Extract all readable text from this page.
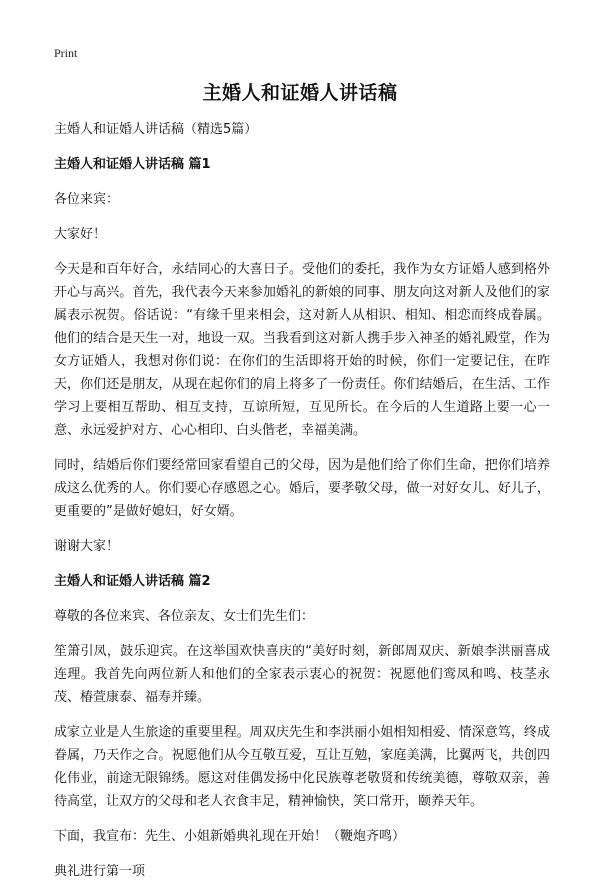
Print
主婚人和证婚人讲话稿

主婚人和证婚人讲话稿（精选5篇）

主婚人和证婚人讲话稿 篇1

各位来宾：

大家好！

今天是和百年好合，永结同心的大喜日子。受他们的委托，我作为女方证婚人感到格外开心与高兴。首先，我代表今天来参加婚礼的新娘的同事、朋友向这对新人及他们的家属表示祝贺。俗话说：“有缘千里来相会，这对新人从相识、相知、相恋而终成眷属。他们的结合是天生一对，地设一双。当我看到这对新人携手步入神圣的婚礼殿堂，作为女方证婚人，我想对你们说：在你们的生活即将开始的时候，你们一定要记住，在昨天，你们还是朋友，从现在起你们的肩上将多了一份责任。你们结婚后，在生活、工作学习上要相互帮助、相互支持，互谅所短，互见所长。在今后的人生道路上要一心一意、永远爱护对方、心心相印、白头偕老，幸福美满。

同时，结婚后你们要经常回家看望自己的父母，因为是他们给了你们生命，把你们培养成这么优秀的人。你们要心存感恩之心。婚后，要孝敬父母，做一对好女儿、好儿子，更重要的”是做好媳妇，好女婿。

谢谢大家！

主婚人和证婚人讲话稿 篇2

尊敬的各位来宾、各位亲友、女士们先生们：

笙箫引凤，鼓乐迎宾。在这举国欢快喜庆的“美好时刻，新郎周双庆、新娘李洪丽喜成连理。我首先向两位新人和他们的全家表示衷心的祝贺：祝愿他们鸾凤和鸣、枝茎永茂、椿萱康泰、福寿并臻。

成家立业是人生旅途的重要里程。周双庆先生和李洪丽小姐相知相爱、情深意笃，终成眷属，乃天作之合。祝愿他们从今互敬互爱，互让互勉，家庭美满，比翼两飞，共创四化伟业，前途无限锦绣。愿这对佳偶发扬中化民族尊老敬贤和传统美德，尊敬双亲，善待高堂，让双方的父母和老人衣食丰足，精神愉快，笑口常开，颐养天年。

下面，我宣布：先生、小姐新婚典礼现在开始！（鞭炮齐鸣）

典礼进行第一项
